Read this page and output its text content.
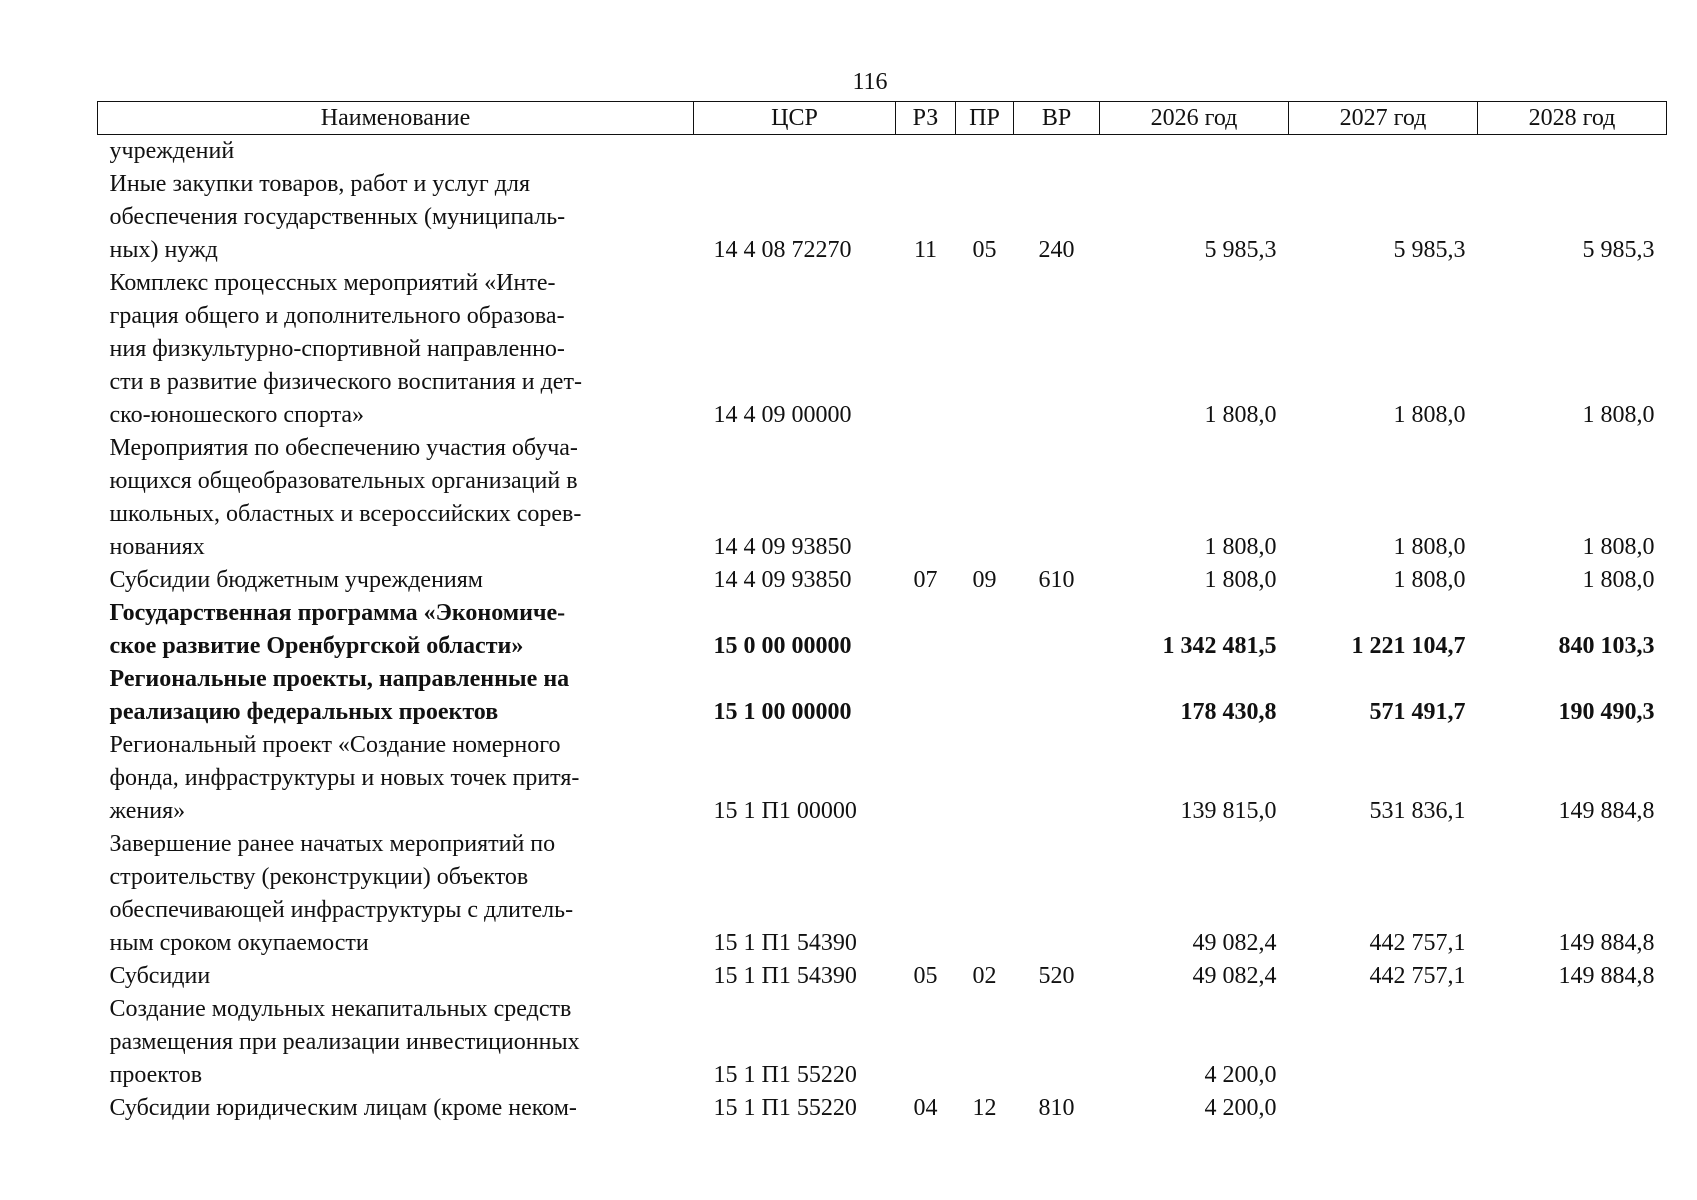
116
Наименование	ЦСР	РЗ	ПР	ВР	2026 год	2027 год	2028 год
учреждений							
Иные закупки товаров, работ и услуг для
обеспечения государственных (муниципаль-
ных) нужд	14 4 08 72270	11	05	240	5 985,3	5 985,3	5 985,3
Комплекс процессных мероприятий «Инте-
грация общего и дополнительного образова-
ния физкультурно-спортивной направленно-
сти в развитие физического воспитания и дет-
ско-юношеского спорта»	14 4 09 00000				1 808,0	1 808,0	1 808,0
Мероприятия по обеспечению участия обуча-
ющихся общеобразовательных организаций в
школьных, областных и всероссийских сорев-
нованиях	14 4 09 93850				1 808,0	1 808,0	1 808,0
Субсидии бюджетным учреждениям	14 4 09 93850	07	09	610	1 808,0	1 808,0	1 808,0
Государственная программа «Экономиче-
ское развитие Оренбургской области»	15 0 00 00000				1 342 481,5	1 221 104,7	840 103,3
Региональные проекты, направленные на
реализацию федеральных проектов	15 1 00 00000				178 430,8	571 491,7	190 490,3
Региональный проект «Создание номерного
фонда, инфраструктуры и новых точек притя-
жения»	15 1 П1 00000				139 815,0	531 836,1	149 884,8
Завершение ранее начатых мероприятий по
строительству (реконструкции) объектов
обеспечивающей инфраструктуры с длитель-
ным сроком окупаемости	15 1 П1 54390				49 082,4	442 757,1	149 884,8
Субсидии	15 1 П1 54390	05	02	520	49 082,4	442 757,1	149 884,8
Создание модульных некапитальных средств
размещения при реализации инвестиционных
проектов	15 1 П1 55220				4 200,0		
Субсидии юридическим лицам (кроме неком-	15 1 П1 55220	04	12	810	4 200,0		
